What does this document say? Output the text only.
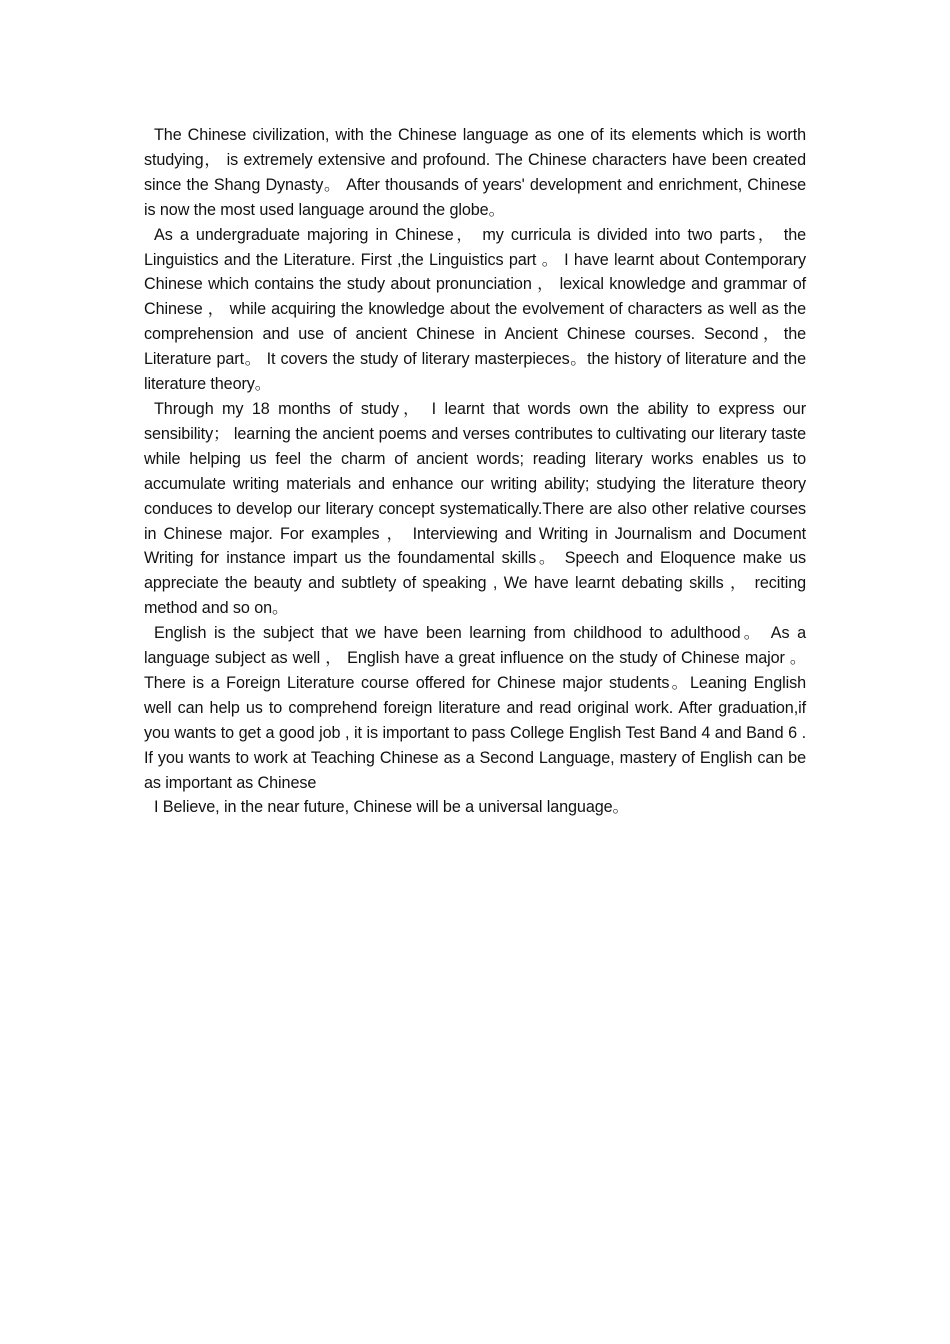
The Chinese civilization, with the Chinese language as one of its elements which is worth studying， is extremely extensive and profound. The Chinese characters have been created since the Shang Dynasty。 After thousands of years' development and enrichment, Chinese is now the most used language around the globe。

As a undergraduate majoring in Chinese， my curricula is divided into two parts， the Linguistics and the Literature. First ,the Linguistics part 。 I have learnt about Contemporary Chinese which contains the study about pronunciation ， lexical knowledge and grammar of Chinese ， while acquiring the knowledge about the evolvement of characters as well as the comprehension and use of ancient Chinese in Ancient Chinese courses. Second，the Literature part。 It covers the study of literary masterpieces。the history of literature and the literature theory。

Through my 18 months of study， I learnt that words own the ability to express our sensibility； learning the ancient poems and verses contributes to cultivating our literary taste while helping us feel the charm of ancient words; reading literary works enables us to accumulate writing materials and enhance our writing ability; studying the literature theory conduces to develop our literary concept systematically.There are also other relative courses in Chinese major. For examples ， Interviewing and Writing in Journalism and Document Writing for instance impart us the foundamental skills。 Speech and Eloquence make us appreciate the beauty and subtlety of speaking , We have learnt debating skills ， reciting method and so on。

English is the subject that we have been learning from childhood to adulthood。 As a language subject as well ， English have a great influence on the study of Chinese major 。 There is a Foreign Literature course offered for Chinese major students。Leaning English well can help us to comprehend foreign literature and read original work. After graduation,if you wants to get a good job , it is important to pass College English Test Band 4 and Band 6 . If you wants to work at Teaching Chinese as a Second Language, mastery of English can be as important as Chinese

I Believe, in the near future, Chinese will be a universal language。
